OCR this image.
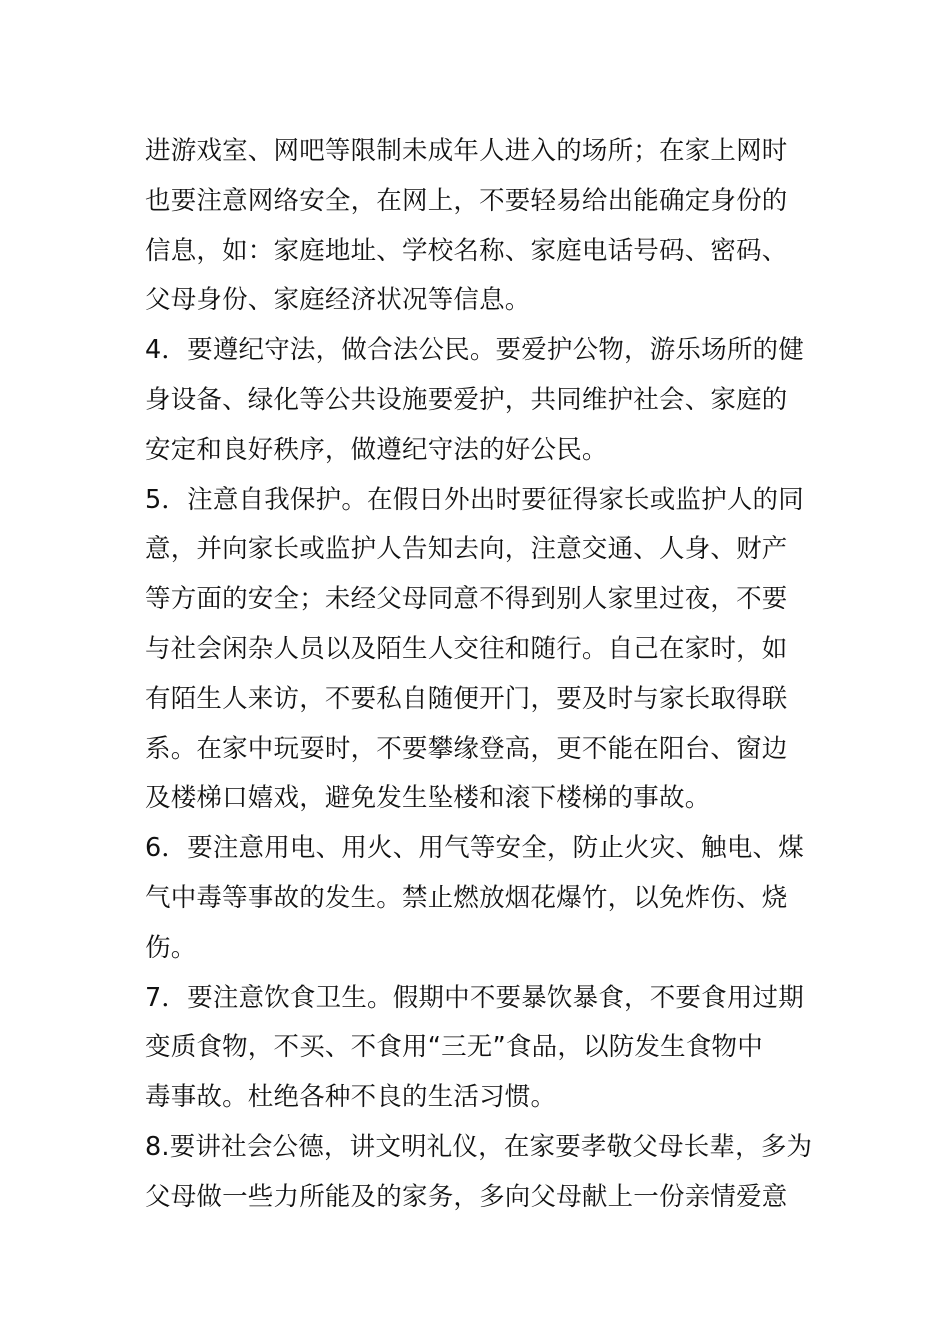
进游戏室、网吧等限制未成年人进入的场所；在家上网时
也要注意网络安全，在网上，不要轻易给出能确定身份的
信息，如：家庭地址、学校名称、家庭电话号码、密码、
父母身份、家庭经济状况等信息。
4．要遵纪守法，做合法公民。要爱护公物，游乐场所的健
身设备、绿化等公共设施要爱护，共同维护社会、家庭的
安定和良好秩序，做遵纪守法的好公民。
5．注意自我保护。在假日外出时要征得家长或监护人的同
意，并向家长或监护人告知去向，注意交通、人身、财产
等方面的安全；未经父母同意不得到别人家里过夜，不要
与社会闲杂人员以及陌生人交往和随行。自己在家时，如
有陌生人来访，不要私自随便开门，要及时与家长取得联
系。在家中玩耍时，不要攀缘登高，更不能在阳台、窗边
及楼梯口嬉戏，避免发生坠楼和滚下楼梯的事故。
6．要注意用电、用火、用气等安全，防止火灾、触电、煤
气中毒等事故的发生。禁止燃放烟花爆竹，以免炸伤、烧
伤。
7．要注意饮食卫生。假期中不要暴饮暴食，不要食用过期
变质食物，不买、不食用“三无”食品，以防发生食物中
毒事故。杜绝各种不良的生活习惯。
8.要讲社会公德，讲文明礼仪，在家要孝敬父母长辈，多为
父母做一些力所能及的家务，多向父母献上一份亲情爱意
